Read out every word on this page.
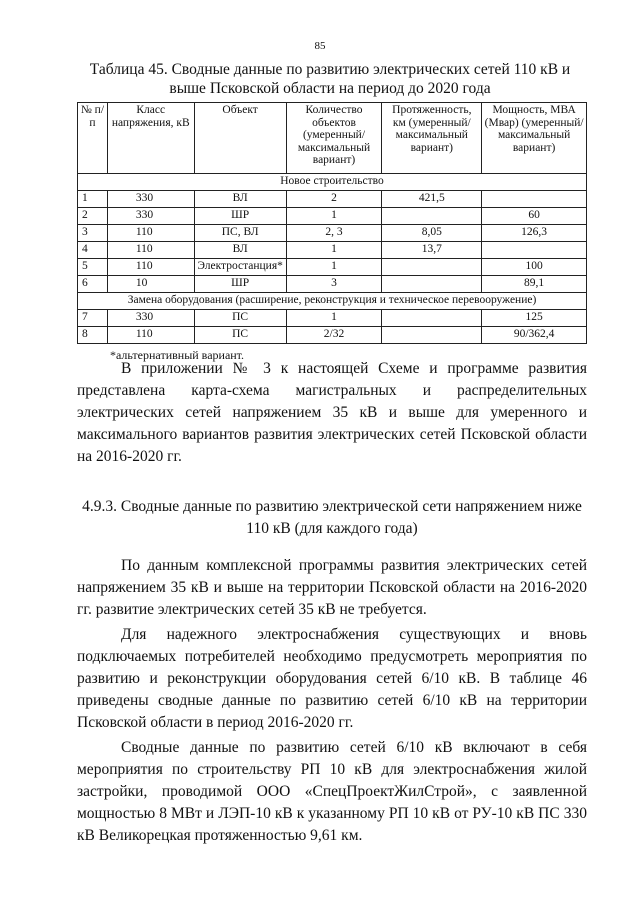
85
Таблица 45. Сводные данные по развитию электрических сетей 110 кВ и выше Псковской области на период до 2020 года
№ п/п	Класс напряжения, кВ	Объект	Количество объектов (умеренный/ максимальный вариант)	Протяженность, км (умеренный/ максимальный вариант)	Мощность, МВА (Мвар) (умеренный/ максимальный вариант)
Новое строительство					
1	330	ВЛ	2	421,5	
2	330	ШР	1		60
3	110	ПС, ВЛ	2, 3	8,05	126,3
4	110	ВЛ	1	13,7	
5	110	Электростанция*	1		100
6	10	ШР	3		89,1
Замена оборудования (расширение, реконструкция и техническое перевооружение)					
7	330	ПС	1		125
8	110	ПС	2/32		90/362,4
*альтернативный вариант.

В приложении № 3 к настоящей Схеме и программе развития представлена карта-схема магистральных и распределительных электрических сетей напряжением 35 кВ и выше для умеренного и максимального вариантов развития электрических сетей Псковской области на 2016-2020 гг.

4.9.3. Сводные данные по развитию электрической сети напряжением ниже 110 кВ (для каждого года)

По данным комплексной программы развития электрических сетей напряжением 35 кВ и выше на территории Псковской области на 2016-2020 гг. развитие электрических сетей 35 кВ не требуется.

Для надежного электроснабжения существующих и вновь подключаемых потребителей необходимо предусмотреть мероприятия по развитию и реконструкции оборудования сетей 6/10 кВ. В таблице 46 приведены сводные данные по развитию сетей 6/10 кВ на территории Псковской области в период 2016-2020 гг.

Сводные данные по развитию сетей 6/10 кВ включают в себя мероприятия по строительству РП 10 кВ для электроснабжения жилой застройки, проводимой ООО «СпецПроектЖилСтрой», с заявленной мощностью 8 МВт и ЛЭП-10 кВ к указанному РП 10 кВ от РУ-10 кВ ПС 330 кВ Великорецкая протяженностью 9,61 км.
